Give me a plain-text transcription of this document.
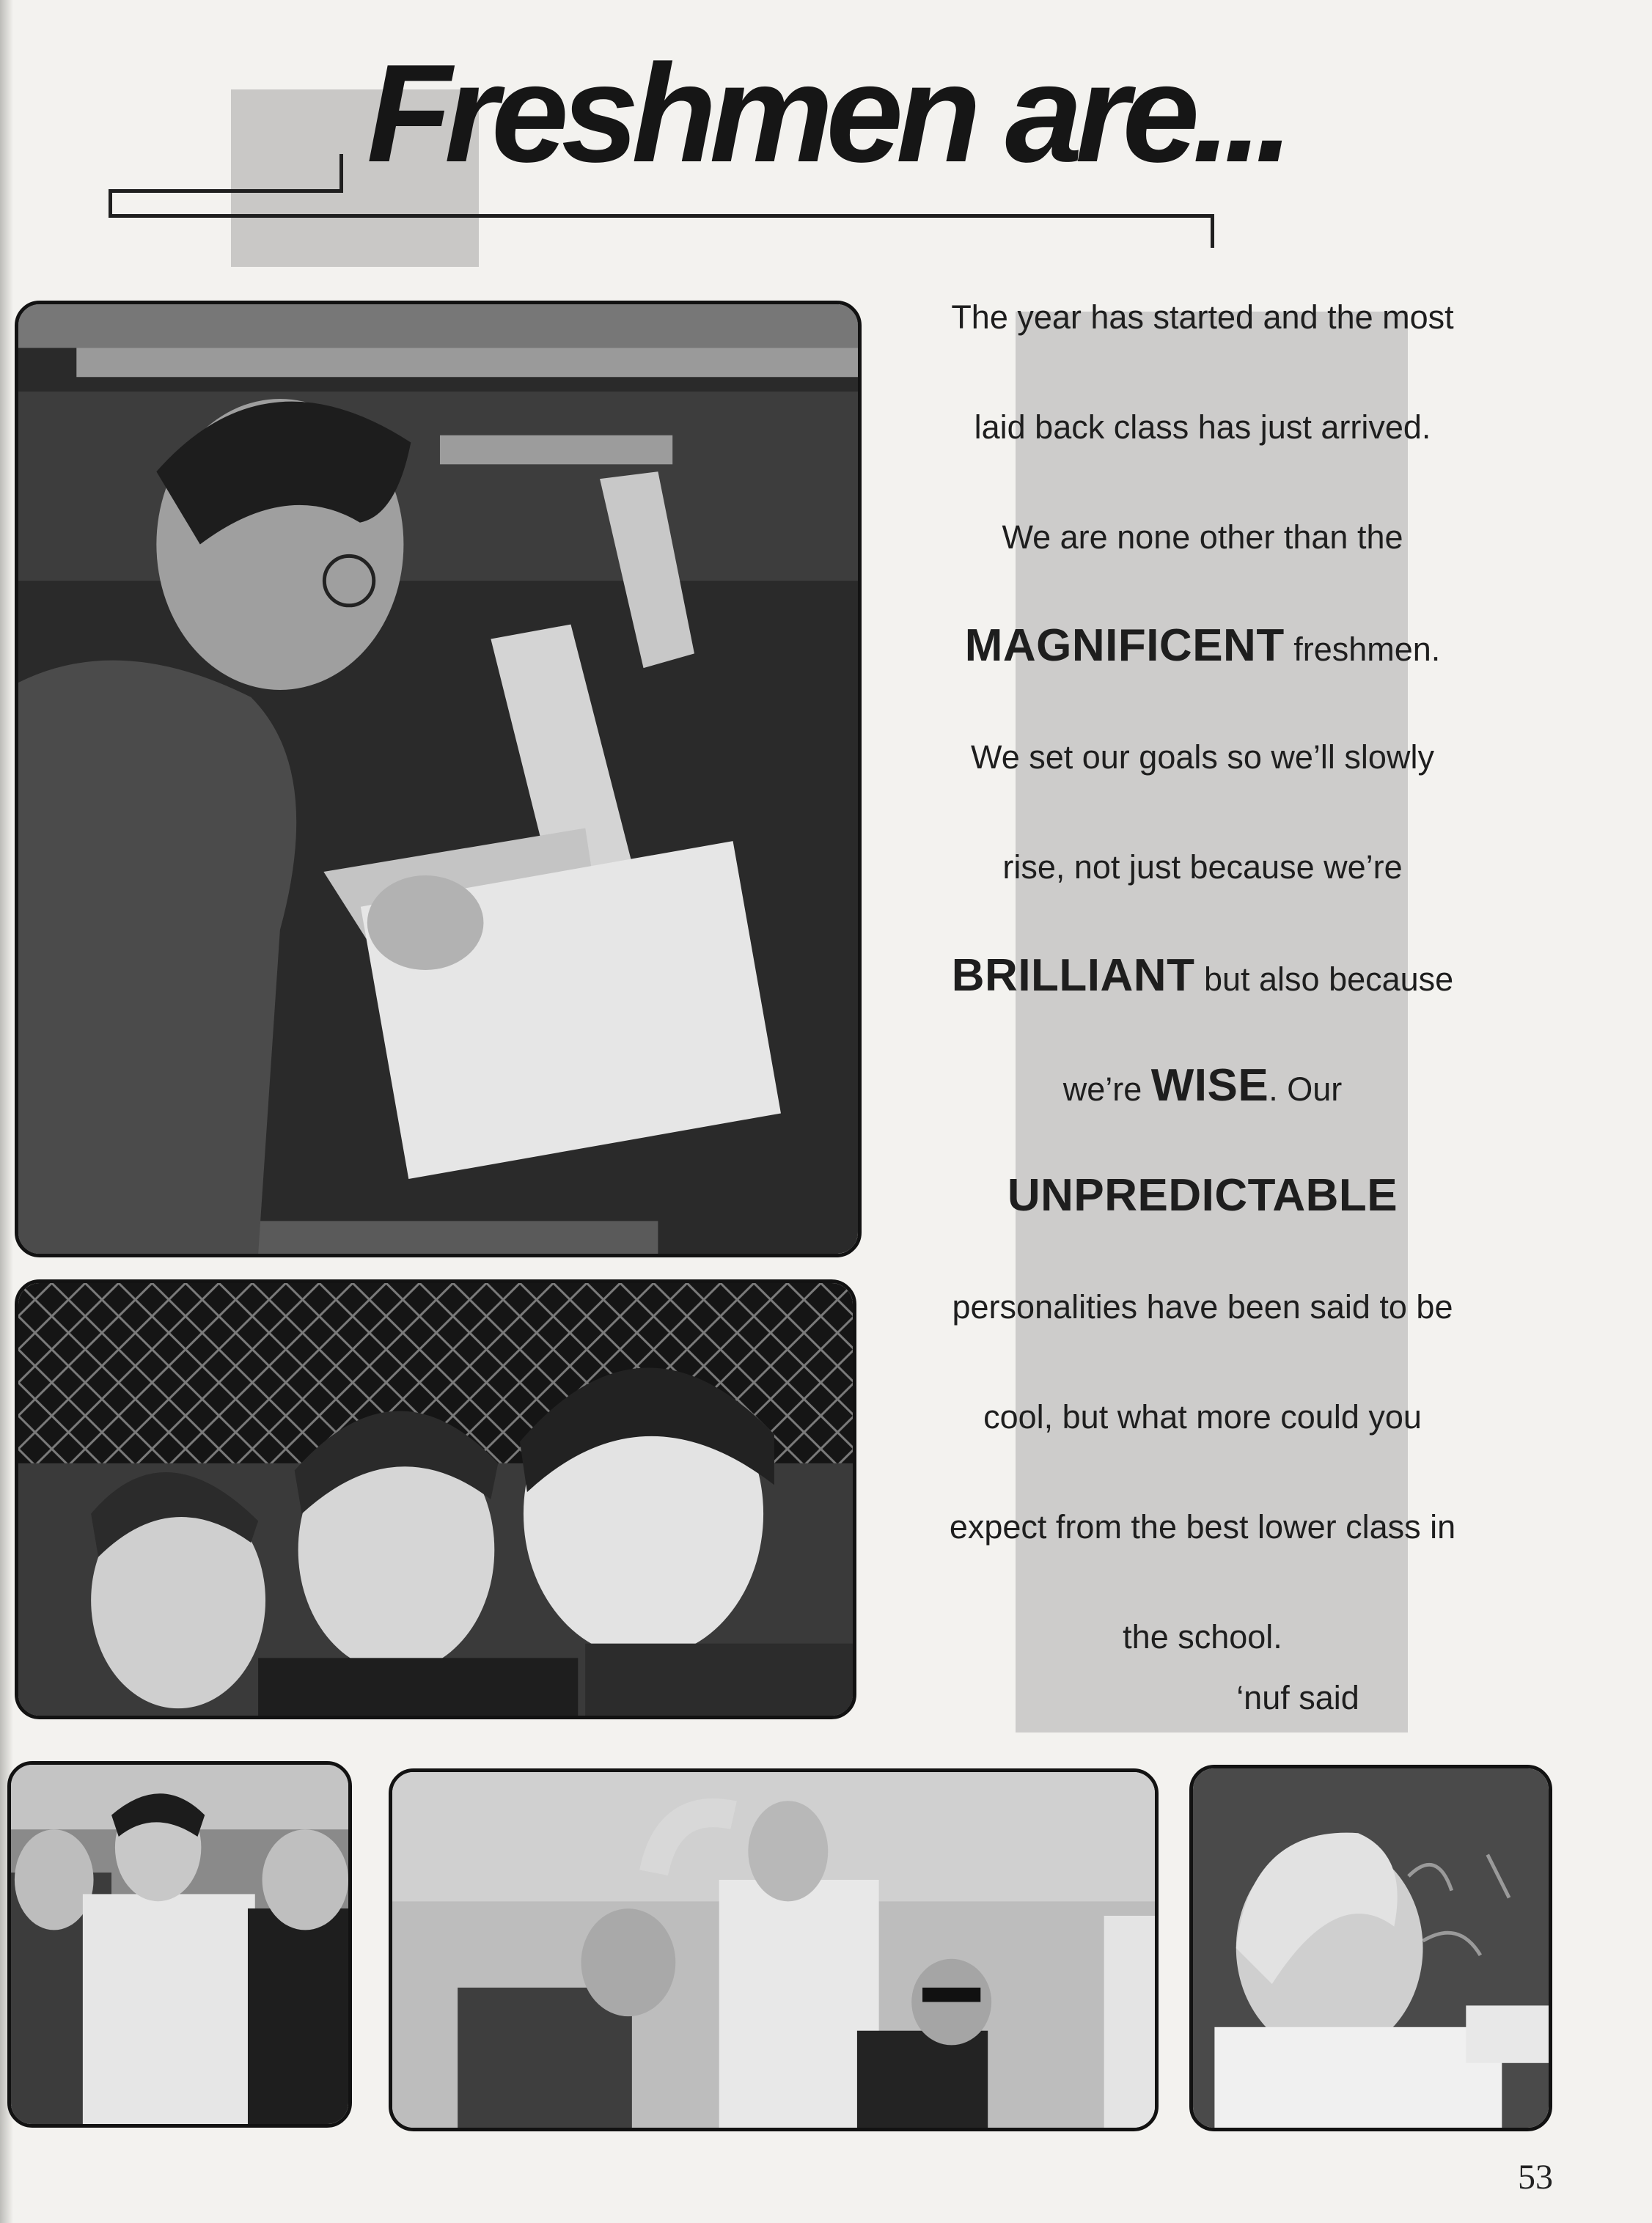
Freshmen are...
The year has started and the most
laid back class has just arrived.
We are none other than the
MAGNIFICENT freshmen.
We set our goals so we’ll slowly
rise, not just because we’re
BRILLIANT but also because
we’re WISE. Our
UNPREDICTABLE
personalities have been said to be
cool, but what more could you
expect from the best lower class in
the school.
‘nuf said
53
